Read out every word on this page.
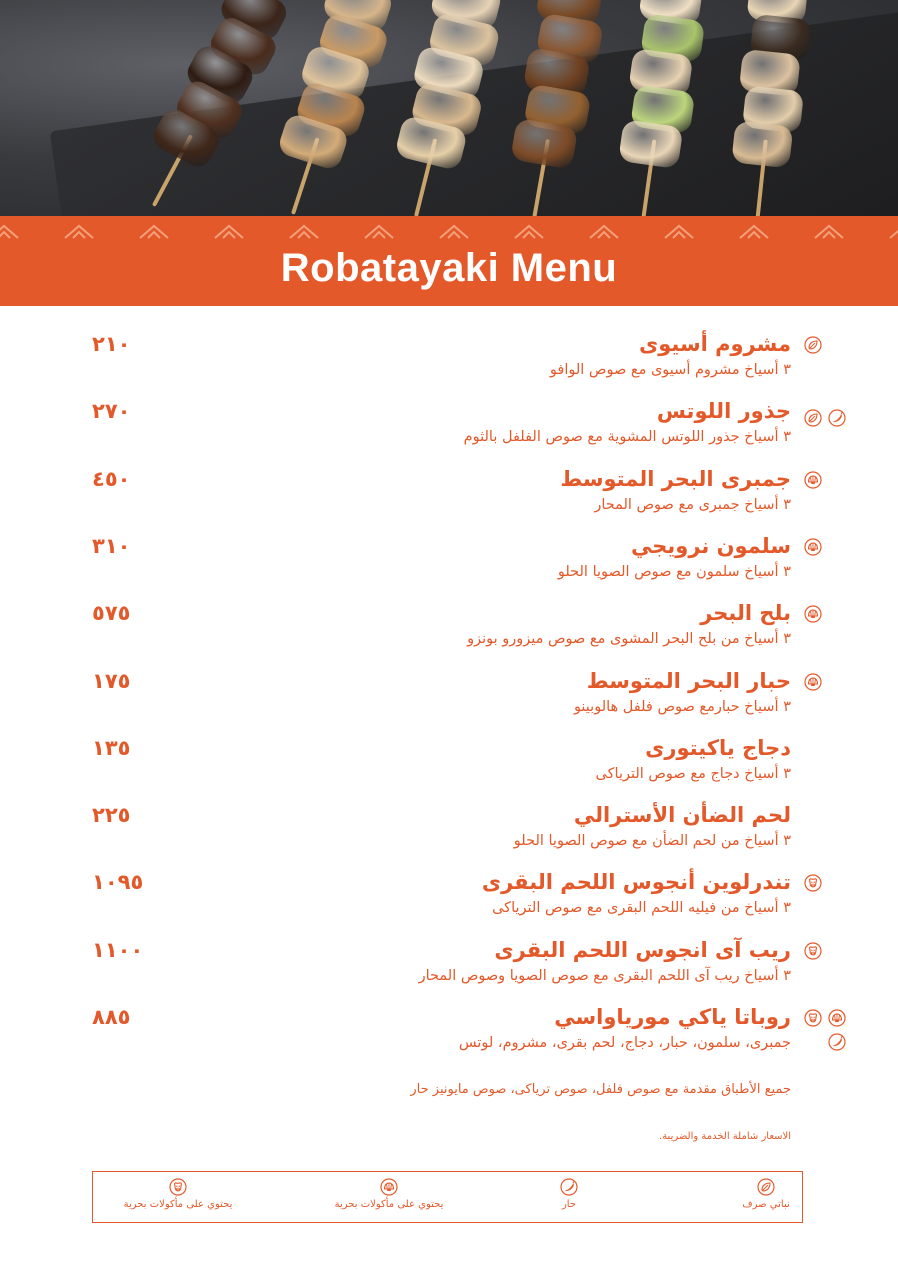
Robatayaki Menu
مشروم أسيوى
٣ أسياخ مشروم أسيوى مع صوص الوافو
٢١٠
جذور اللوتس
٣ أسياخ جذور اللوتس المشوية مع صوص الفلفل بالثوم
٢٧٠
جمبرى البحر المتوسط
٣ أسياخ جمبرى مع صوص المحار
٤٥٠
سلمون نرويجي
٣ أسياخ سلمون مع صوص الصويا الحلو
٣١٠
بلح البحر
٣ أسياخ من بلح البحر المشوى مع صوص ميزورو بونزو
٥٧٥
حبار البحر المتوسط
٣ أسياخ حبارمع صوص فلفل هالوبينو
١٧٥
دجاج ياكيتورى
٣ أسياخ دجاج مع صوص الترياكى
١٣٥
لحم الضأن الأسترالي
٣ أسياخ من لحم الضأن مع صوص الصويا الحلو
٢٢٥
تندرلوين أنجوس اللحم البقرى
٣ أسياخ من فيليه اللحم البقرى مع صوص الترياكى
١٠٩٥
ريب آى انجوس اللحم البقرى
٣ أسياخ ريب آى اللحم البقرى مع صوص الصويا وصوص المحار
١١٠٠
روباتا ياكي موريا‌واسي
جمبرى، سلمون، حبار، دجاج، لحم بقرى، مشروم، لوتس
٨٨٥
جميع الأطباق مقدمة مع صوص فلفل، صوص ترياكى، صوص مايونيز حار
الاسعار شاملة الخدمة والضريبة.
نباتي صرف
حار
يحتوي على مأكولات بحرية
يحتوي على مأكولات بحرية
